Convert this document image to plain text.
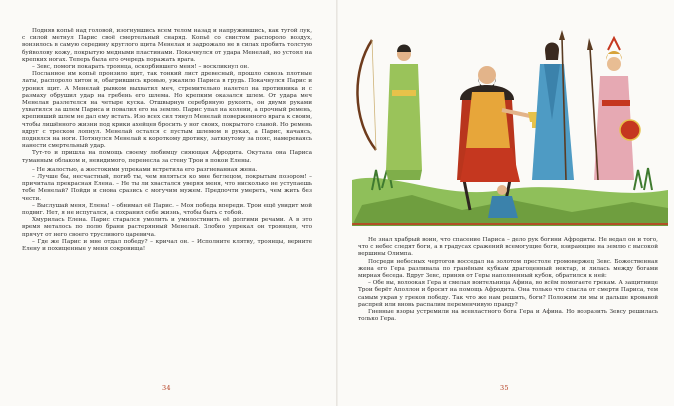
Подняв копьё над головой, изогнувшись всем телом назад и напружившись, как тугой лук, с силой метнул Парис своё смертельный снаряд. Копьё со свистом распороло воздух, вонзилось в самую середину круглого щита Менелая и задрожало не в силах пробить толстую буйволову кожу, покрытую медными пластинами. Покачнулся от удара Менелай, но устоял на крепких ногах. Теперь была его очередь поражать врага.

– Зевс, помоги покарать троянца, оскорбившего меня! – воскликнул он.

Посланное им копьё пронзило щит, так тонкий лист древесный, прошло сквозь плотные латы, распороло хитон и, обагрившись кровью, ужалило Париса в грудь. Покачнулся Парис и уронил щит. А Менелай рывком выхватил меч, стремительно налетел на противника и с размаху обрушил удар на гребень его шлема. Но крепким оказался шлем. От удара меч Менелая разлетелся на четыре куска. Отшвырнув серебряную рукоять, он двумя руками ухватился за шлем Париса и повалил его на землю. Парис упал на колени, а прочный ремень, крепивший шлем не дал ему встать. Изо всех сил тянул Менелай поверженного врага к своим, чтобы лишённого жизни под крики ахейцев бросить у ног своих, покрытого славой. Но ремень вдруг с треском лопнул. Менелай остался с пустым шлемом в руках, а Парис, качаясь, поднялся на ноги. Потянулся Менелай к короткому дротику, заткнутому за пояс, намереваясь нанести смертельный удар.

Тут-то и пришла на помощь своему любимцу сияющая Афродита. Окутала она Париса туманным облаком и, невидимого, перенесла за стену Трои в покои Елены.

– Не жалостью, а жестокими упреками встретила его разгневанная жена.

– Лучше бы, несчастный, погиб ты, чем являться ко мне беглецом, покрытым позором! – причитала прекрасная Елена. – Не ты ли хвастался уверяя меня, что нисколько не уступаешь тебе Менелай? Пойди и снова сразись с могучим мужем. Предпочти умереть, чем жить без чести.

– Выслушай меня, Елена! – обнимал её Парис. – Моя победа впереди. Трои ещё увидит мой подвиг. Нет, я не испугался, а сохранил себе жизнь, чтобы быть с тобой.

Хмурилась Елена. Парис старался умолить и умилостивить её долгими речами. А в это время металось по полю брани растерянный Менелай. Злобно упрекал он троянцев, что прячут от него своего трусливого царевича.

– Где же Парис и мне отдал победу? – кричал он. – Исполните клятву, троянцы, верните Елену и похищенные у меня сокровища!

34

Не знал храбрый воин, что спасение Париса – дело рук богини Афродиты. Не ведал он и того, что с небес следят боги, а в градусах сражений всемогущие боги, взирающие на землю с высокой вершины Олимпа.

Посреди небесных чертогов восседал на золотом престоле громовержец Зевс. Божественная жена его Гера разливала по гранёным кубкам драгоценный нектар, и лилась между богами мирная беседа. Вдруг Зевс, приняв от Геры наполненный кубок, обратился к ней:

– Обе вы, волоокая Гера и смелая воительница Афина, во всём помогаете грекам. А защитнице Трои берёт Аполлон и бросит на помощь Афродита. Она только что спасла от смерти Париса, тем самым украв у греков победу. Так что же нам решить, боги? Положим ли мы и дальше кровавой распрей или вновь распалим переменчивую правду?

Гневные взоры устремили на всевластного бога Гера и Афина. Но возразить Зевсу решилась только Гера.

35
